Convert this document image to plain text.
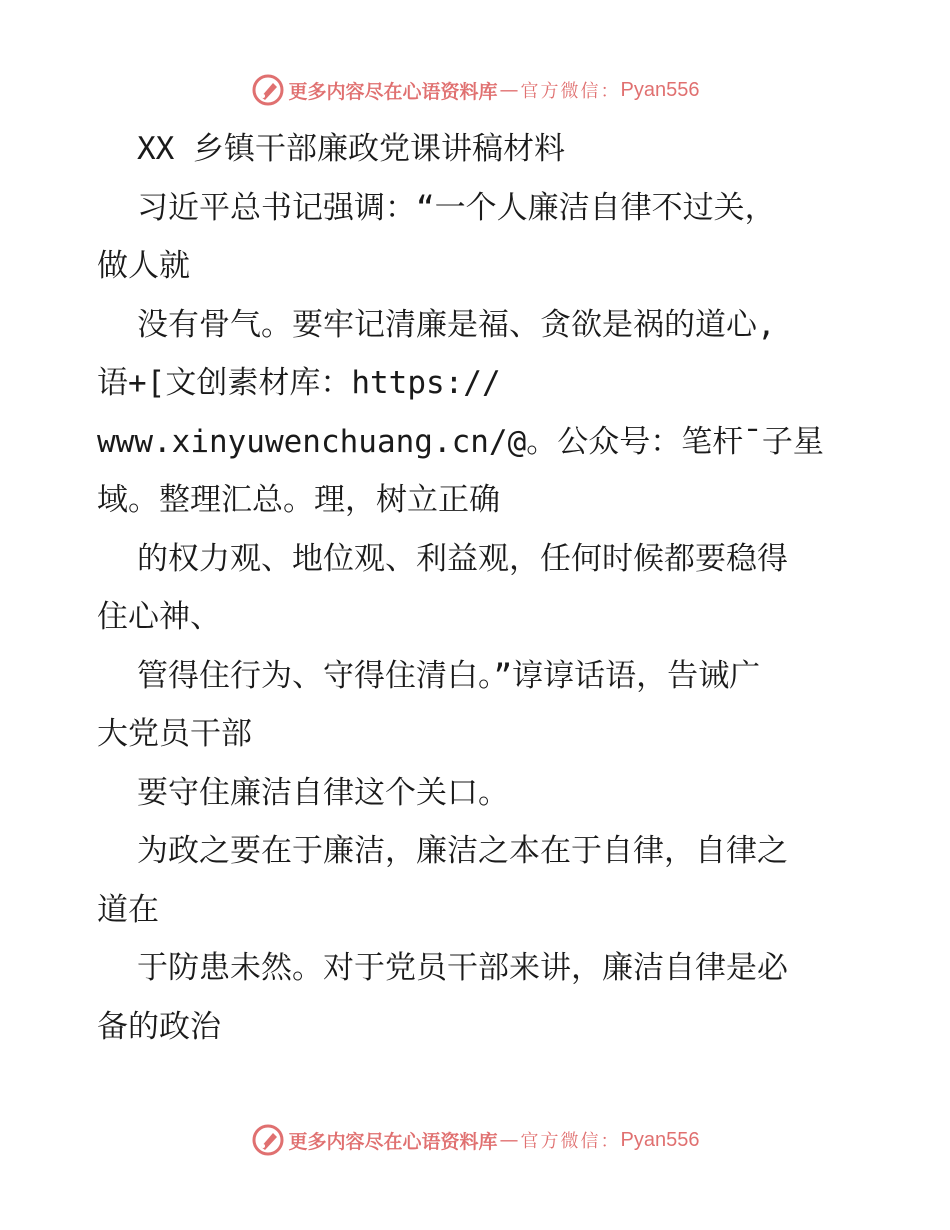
更多内容尽在心语资料库 — 官方微信： Pyan556
XX 乡镇干部廉政党课讲稿材料
习近平总书记强调：“一个人廉洁自律不过关，
做人就
没有骨气。要牢记清廉是福、贪欲是祸的道心,
语+[文创素材库：https://
www.xinyuwenchuang.cn/@。公众号：笔杆¯子星
域。整理汇总。理，树立正确
的权力观、地位观、利益观，任何时候都要稳得
住心神、
管得住行为、守得住清白。”谆谆话语，告诫广
大党员干部
要守住廉洁自律这个关口。
为政之要在于廉洁，廉洁之本在于自律，自律之
道在
于防患未然。对于党员干部来讲，廉洁自律是必
备的政治
更多内容尽在心语资料库 — 官方微信： Pyan556
